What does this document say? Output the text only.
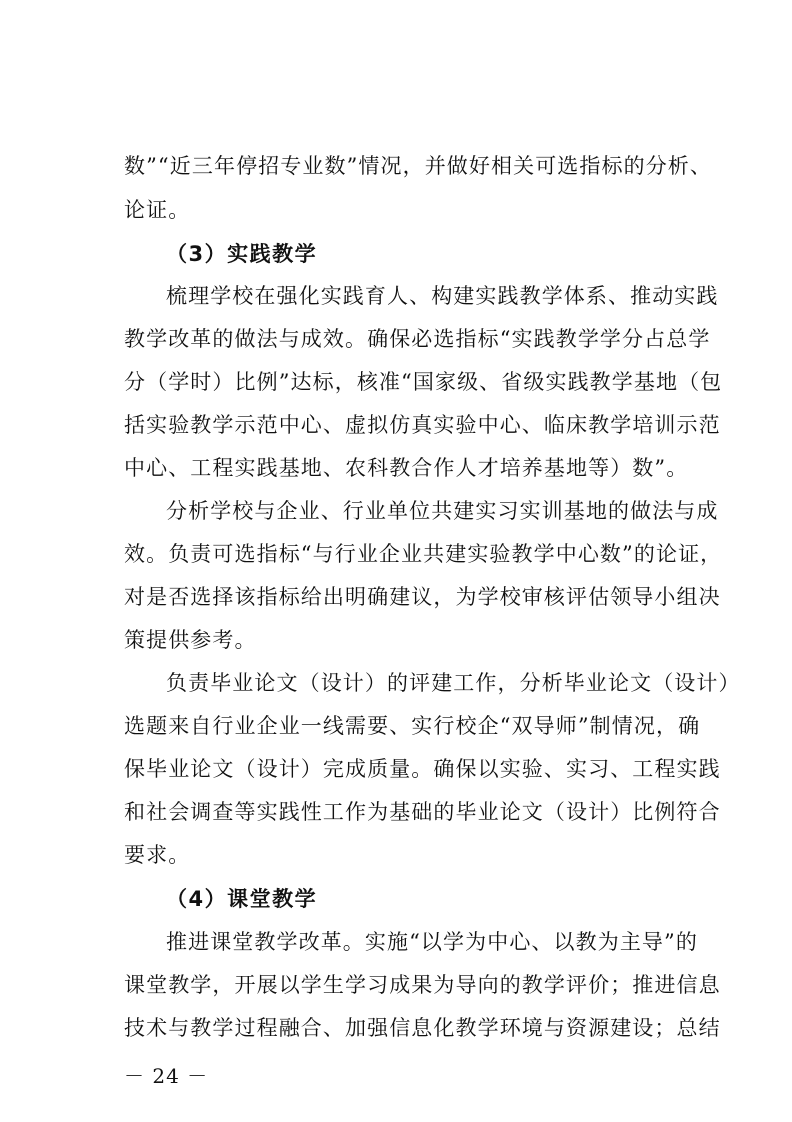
数”“近三年停招专业数”情况，并做好相关可选指标的分析、
论证。
（3）实践教学
梳理学校在强化实践育人、构建实践教学体系、推动实践
教学改革的做法与成效。确保必选指标“实践教学学分占总学
分（学时）比例”达标，核准“国家级、省级实践教学基地（包
括实验教学示范中心、虚拟仿真实验中心、临床教学培训示范
中心、工程实践基地、农科教合作人才培养基地等）数”。
分析学校与企业、行业单位共建实习实训基地的做法与成
效。负责可选指标“与行业企业共建实验教学中心数”的论证，
对是否选择该指标给出明确建议，为学校审核评估领导小组决
策提供参考。
负责毕业论文（设计）的评建工作，分析毕业论文（设计）
选题来自行业企业一线需要、实行校企“双导师”制情况，确
保毕业论文（设计）完成质量。确保以实验、实习、工程实践
和社会调查等实践性工作为基础的毕业论文（设计）比例符合
要求。
（4）课堂教学
推进课堂教学改革。实施“以学为中心、以教为主导”的
课堂教学，开展以学生学习成果为导向的教学评价；推进信息
技术与教学过程融合、加强信息化教学环境与资源建设；总结
－ 24 －
